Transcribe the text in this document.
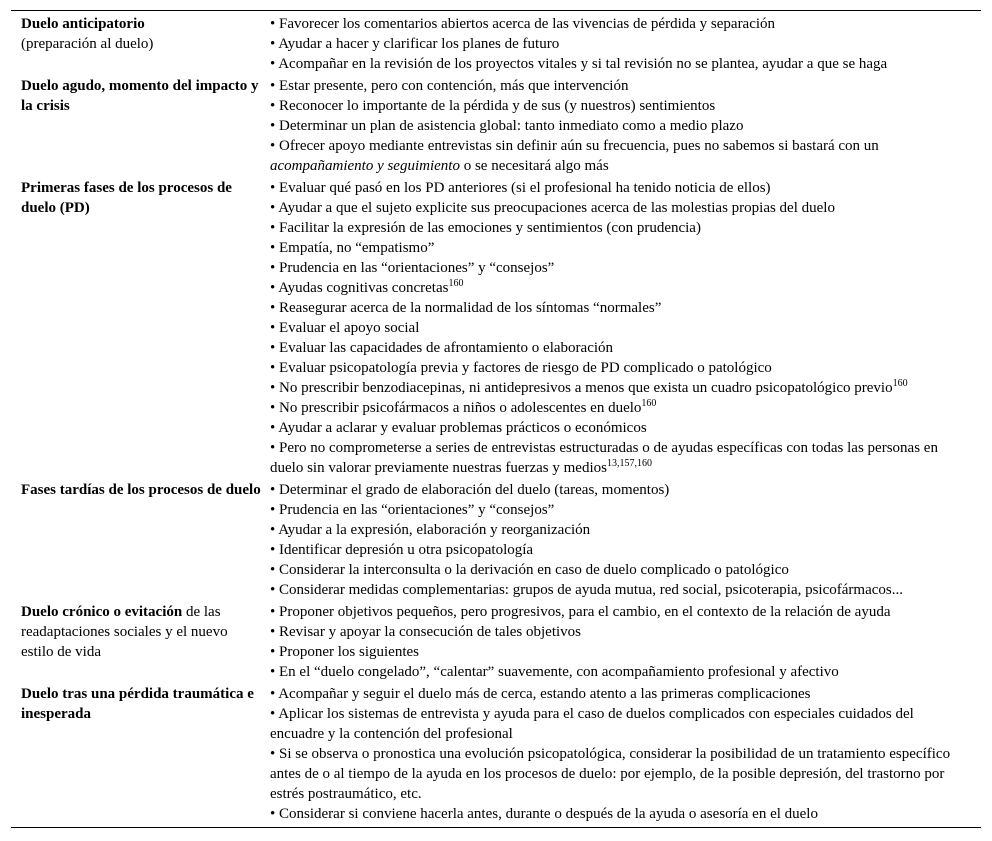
Duelo anticipatorio

(preparación al duelo)

• Favorecer los comentarios abiertos acerca de las vivencias de pérdida y separación

• Ayudar a hacer y clarificar los planes de futuro

• Acompañar en la revisión de los proyectos vitales y si tal revisión no se plantea, ayudar a que se haga

Duelo agudo, momento del impacto y la crisis

• Estar presente, pero con contención, más que intervención

• Reconocer lo importante de la pérdida y de sus (y nuestros) sentimientos

• Determinar un plan de asistencia global: tanto inmediato como a medio plazo

• Ofrecer apoyo mediante entrevistas sin definir aún su frecuencia, pues no sabemos si bastará con un acompañamiento y seguimiento o se necesitará algo más

Primeras fases de los procesos de duelo (PD)

• Evaluar qué pasó en los PD anteriores (si el profesional ha tenido noticia de ellos)

• Ayudar a que el sujeto explicite sus preocupaciones acerca de las molestias propias del duelo

• Facilitar la expresión de las emociones y sentimientos (con prudencia)

• Empatía, no “empatismo”

• Prudencia en las “orientaciones” y “consejos”

• Ayudas cognitivas concretas$^{160}$

• Reasegurar acerca de la normalidad de los síntomas “normales”

• Evaluar el apoyo social

• Evaluar las capacidades de afrontamiento o elaboración

• Evaluar psicopatología previa y factores de riesgo de PD complicado o patológico

• No prescribir benzodiacepinas, ni antidepresivos a menos que exista un cuadro psicopatológico previo$^{160}$

• No prescribir psicofármacos a niños o adolescentes en duelo$^{160}$

• Ayudar a aclarar y evaluar problemas prácticos o económicos

• Pero no comprometerse a series de entrevistas estructuradas o de ayudas específicas con todas las personas en duelo sin valorar previamente nuestras fuerzas y medios$^{13,157,160}$

Fases tardías de los procesos de duelo • Determinar el grado de elaboración del duelo (tareas, momentos)

• Prudencia en las “orientaciones” y “consejos”

• Ayudar a la expresión, elaboración y reorganización

• Identificar depresión u otra psicopatología

• Considerar la interconsulta o la derivación en caso de duelo complicado o patológico

• Considerar medidas complementarias: grupos de ayuda mutua, red social, psicoterapia, psicofármacos...

Duelo crónico o evitación de las readaptaciones sociales y el nuevo estilo de vida

• Proponer objetivos pequeños, pero progresivos, para el cambio, en el contexto de la relación de ayuda

• Revisar y apoyar la consecución de tales objetivos

• Proponer los siguientes

• En el “duelo congelado”, “calentar” suavemente, con acompañamiento profesional y afectivo

Duelo tras una pérdida traumática e inesperada

• Acompañar y seguir el duelo más de cerca, estando atento a las primeras complicaciones

• Aplicar los sistemas de entrevista y ayuda para el caso de duelos complicados con especiales cuidados del encuadre y la contención del profesional

• Si se observa o pronostica una evolución psicopatológica, considerar la posibilidad de un tratamiento específico antes de o al tiempo de la ayuda en los procesos de duelo: por ejemplo, de la posible depresión, del trastorno por estrés postraumático, etc.

• Considerar si conviene hacerla antes, durante o después de la ayuda o asesoría en el duelo
